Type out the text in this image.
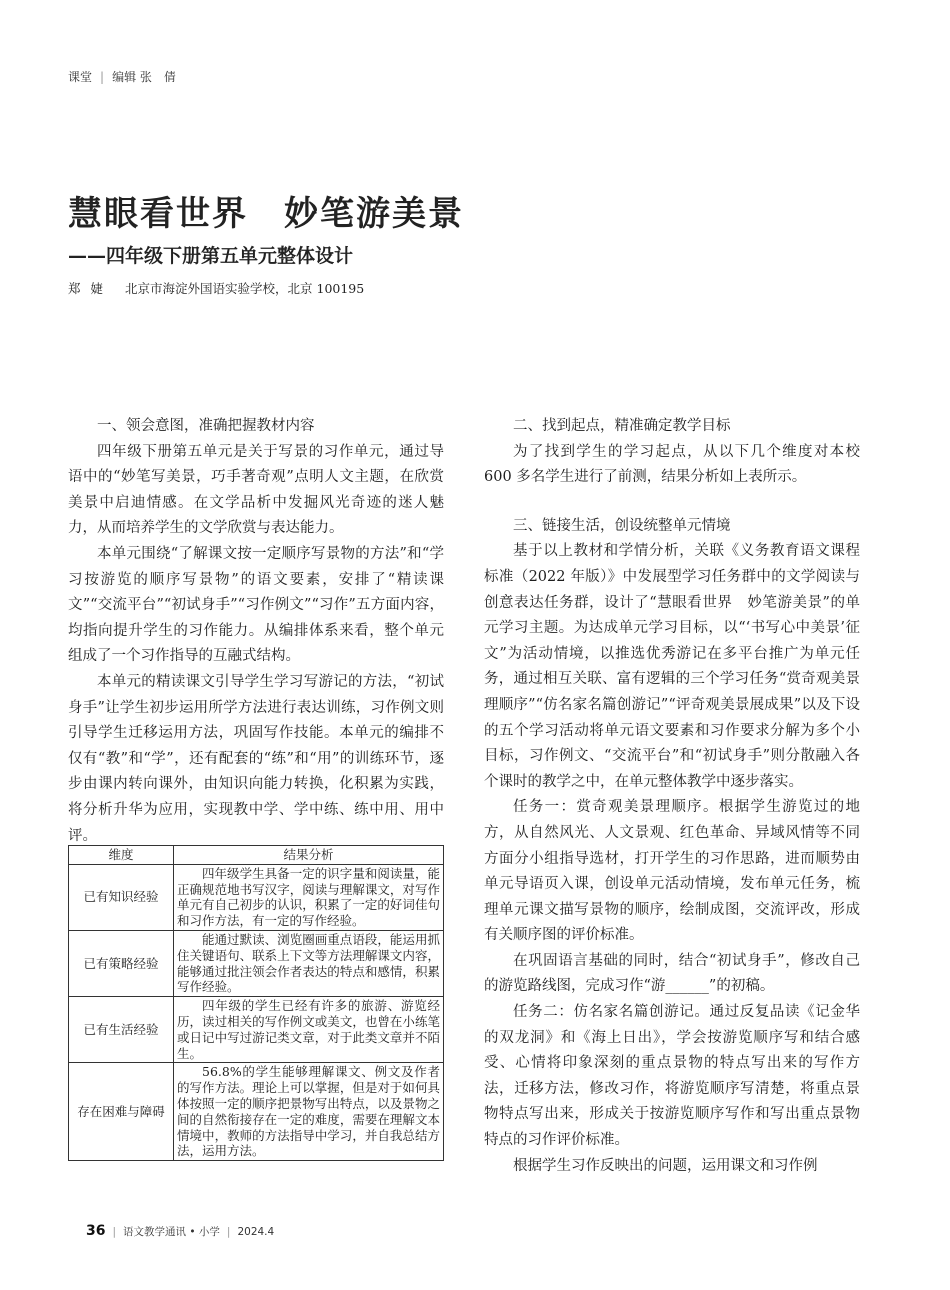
课堂 | 编辑 张　倩
慧眼看世界　妙笔游美景
——四年级下册第五单元整体设计
郑婕 北京市海淀外国语实验学校，北京 100195
一、领会意图，准确把握教材内容

四年级下册第五单元是关于写景的习作单元，通过导语中的“妙笔写美景，巧手著奇观”点明人文主题，在欣赏美景中启迪情感。在文学品析中发掘风光奇迹的迷人魅力，从而培养学生的文学欣赏与表达能力。

本单元围绕“了解课文按一定顺序写景物的方法”和“学习按游览的顺序写景物”的语文要素，安排了“精读课文”“交流平台”“初试身手”“习作例文”“习作”五方面内容，均指向提升学生的习作能力。从编排体系来看，整个单元组成了一个习作指导的互融式结构。

本单元的精读课文引导学生学习写游记的方法，“初试身手”让学生初步运用所学方法进行表达训练，习作例文则引导学生迁移运用方法，巩固写作技能。本单元的编排不仅有“教”和“学”，还有配套的“练”和“用”的训练环节，逐步由课内转向课外，由知识向能力转换，化积累为实践，将分析升华为应用，实现教中学、学中练、练中用、用中评。

维度	结果分析
已有知识经验	四年级学生具备一定的识字量和阅读量，能正确规范地书写汉字，阅读与理解课文，对写作单元有自己初步的认识，积累了一定的好词佳句和习作方法，有一定的写作经验。
已有策略经验	能通过默读、浏览圈画重点语段，能运用抓住关键语句、联系上下文等方法理解课文内容，能够通过批注领会作者表达的特点和感情，积累写作经验。
已有生活经验	四年级的学生已经有许多的旅游、游览经历，读过相关的写作例文或美文，也曾在小练笔或日记中写过游记类文章，对于此类文章并不陌生。
存在困难与障碍	56.8%的学生能够理解课文、例文及作者的写作方法。理论上可以掌握，但是对于如何具体按照一定的顺序把景物写出特点，以及景物之间的自然衔接存在一定的难度，需要在理解文本情境中，教师的方法指导中学习，并自我总结方法，运用方法。
二、找到起点，精准确定教学目标

为了找到学生的学习起点，从以下几个维度对本校 600 多名学生进行了前测，结果分析如上表所示。

三、链接生活，创设统整单元情境

基于以上教材和学情分析，关联《义务教育语文课程标准（2022 年版）》中发展型学习任务群中的文学阅读与创意表达任务群，设计了“慧眼看世界　妙笔游美景”的单元学习主题。为达成单元学习目标，以“‘书写心中美景’征文”为活动情境，以推选优秀游记在多平台推广为单元任务，通过相互关联、富有逻辑的三个学习任务“赏奇观美景理顺序”“仿名家名篇创游记”“评奇观美景展成果”以及下设的五个学习活动将单元语文要素和习作要求分解为多个小目标，习作例文、“交流平台”和“初试身手”则分散融入各个课时的教学之中，在单元整体教学中逐步落实。

任务一：赏奇观美景理顺序。根据学生游览过的地方，从自然风光、人文景观、红色革命、异域风情等不同方面分小组指导选材，打开学生的习作思路，进而顺势由单元导语页入课，创设单元活动情境，发布单元任务，梳理单元课文描写景物的顺序，绘制成图，交流评改，形成有关顺序图的评价标准。

在巩固语言基础的同时，结合“初试身手”，修改自己的游览路线图，完成习作“游______”的初稿。

任务二：仿名家名篇创游记。通过反复品读《记金华的双龙洞》和《海上日出》，学会按游览顺序写和结合感受、心情将印象深刻的重点景物的特点写出来的写作方法，迁移方法，修改习作，将游览顺序写清楚，将重点景物特点写出来，形成关于按游览顺序写作和写出重点景物特点的习作评价标准。

根据学生习作反映出的问题，运用课文和习作例

36 | 语文教学通讯 • 小学 | 2024.4
